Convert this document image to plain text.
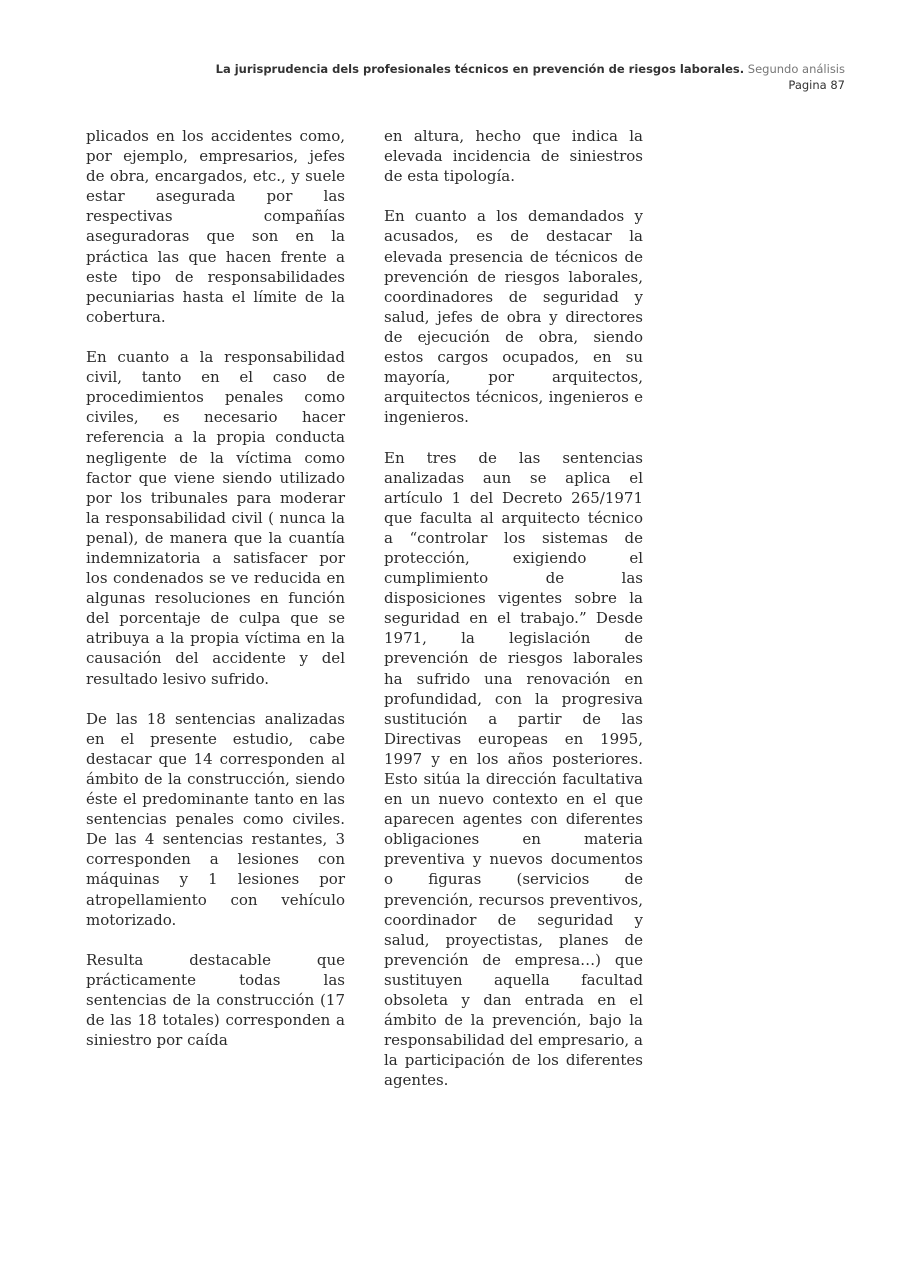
La jurisprudencia dels profesionales técnicos en prevención de riesgos laborales. Segundo análisis
Pagina 87

plicados en los accidentes como, por ejemplo, empresarios, jefes de obra, encargados, etc., y suele estar asegurada por las respectivas compañías aseguradoras que son en la práctica las que hacen frente a este tipo de responsabilidades pecuniarias hasta el límite de la cobertura.

En cuanto a la responsabilidad civil, tanto en el caso de procedimientos penales como civiles, es necesario hacer referencia a la propia conducta negligente de la víctima como factor que viene siendo utilizado por los tribunales para moderar la responsabilidad civil ( nunca la penal), de manera que la cuantía indemnizatoria a satisfacer por los condenados se ve reducida en algunas resoluciones en función del porcentaje de culpa que se atribuya a la propia víctima en la causación del accidente y del resultado lesivo sufrido.

De las 18 sentencias analizadas en el presente estudio, cabe destacar que 14 corresponden al ámbito de la construcción, siendo éste el predominante tanto en las sentencias penales como civiles. De las 4 sentencias restantes, 3 corresponden a lesiones con máquinas y 1 lesiones por atropellamiento con vehículo motorizado.

Resulta destacable que prácticamente todas las sentencias de la construcción (17 de las 18 totales) corresponden a siniestro por caída

en altura, hecho que indica la elevada incidencia de siniestros de esta tipología.

En cuanto a los demandados y acusados, es de destacar la elevada presencia de técnicos de prevención de riesgos laborales, coordinadores de seguridad y salud, jefes de obra y directores de ejecución de obra, siendo estos cargos ocupados, en su mayoría, por arquitectos, arquitectos técnicos, ingenieros e ingenieros.

En tres de las sentencias analizadas aun se aplica el artículo 1 del Decreto 265/1971 que faculta al arquitecto técnico a “controlar los sistemas de protección, exigiendo el cumplimiento de las disposiciones vigentes sobre la seguridad en el trabajo.” Desde 1971, la legislación de prevención de riesgos laborales ha sufrido una renovación en profundidad, con la progresiva sustitución a partir de las Directivas europeas en 1995, 1997 y en los años posteriores. Esto sitúa la dirección facultativa en un nuevo contexto en el que aparecen agentes con diferentes obligaciones en materia preventiva y nuevos documentos o figuras (servicios de prevención, recursos preventivos, coordinador de seguridad y salud, proyectistas, planes de prevención de empresa…) que sustituyen aquella facultad obsoleta y dan entrada en el ámbito de la prevención, bajo la responsabilidad del empresario, a la participación de los diferentes agentes.
